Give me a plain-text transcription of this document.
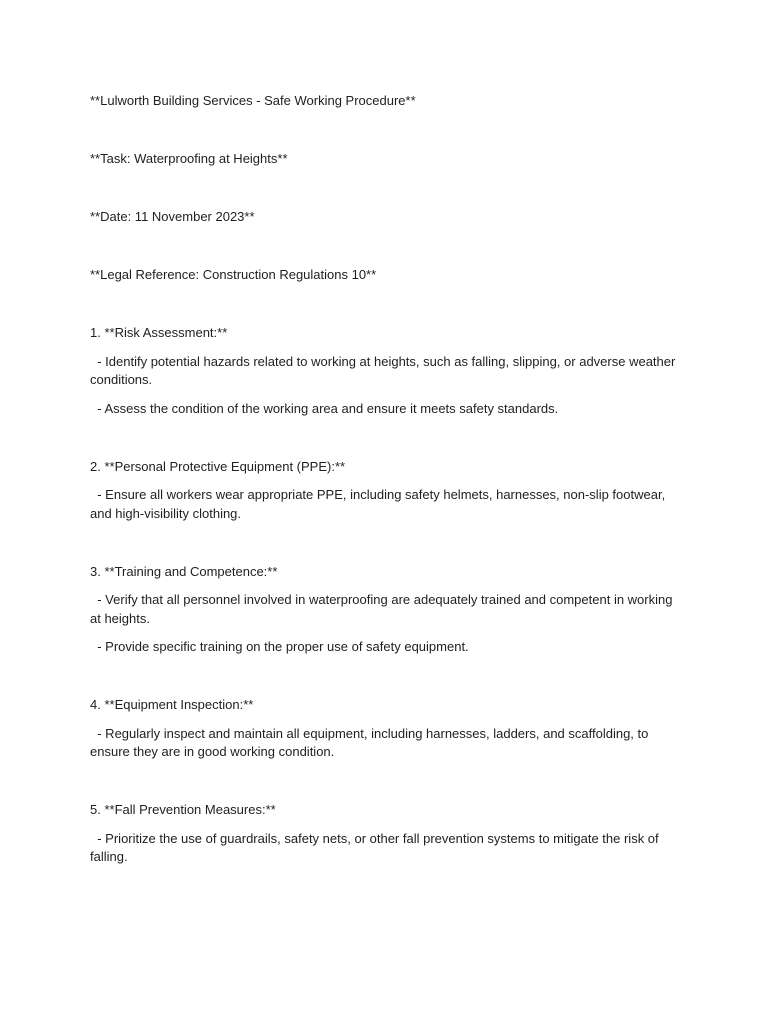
**Lulworth Building Services - Safe Working Procedure**

**Task: Waterproofing at Heights**

**Date: 11 November 2023**

**Legal Reference: Construction Regulations 10**

1. **Risk Assessment:**

- Identify potential hazards related to working at heights, such as falling, slipping, or adverse weather conditions.

- Assess the condition of the working area and ensure it meets safety standards.

2. **Personal Protective Equipment (PPE):**

- Ensure all workers wear appropriate PPE, including safety helmets, harnesses, non-slip footwear, and high-visibility clothing.

3. **Training and Competence:**

- Verify that all personnel involved in waterproofing are adequately trained and competent in working at heights.

- Provide specific training on the proper use of safety equipment.

4. **Equipment Inspection:**

- Regularly inspect and maintain all equipment, including harnesses, ladders, and scaffolding, to ensure they are in good working condition.

5. **Fall Prevention Measures:**

- Prioritize the use of guardrails, safety nets, or other fall prevention systems to mitigate the risk of falling.
